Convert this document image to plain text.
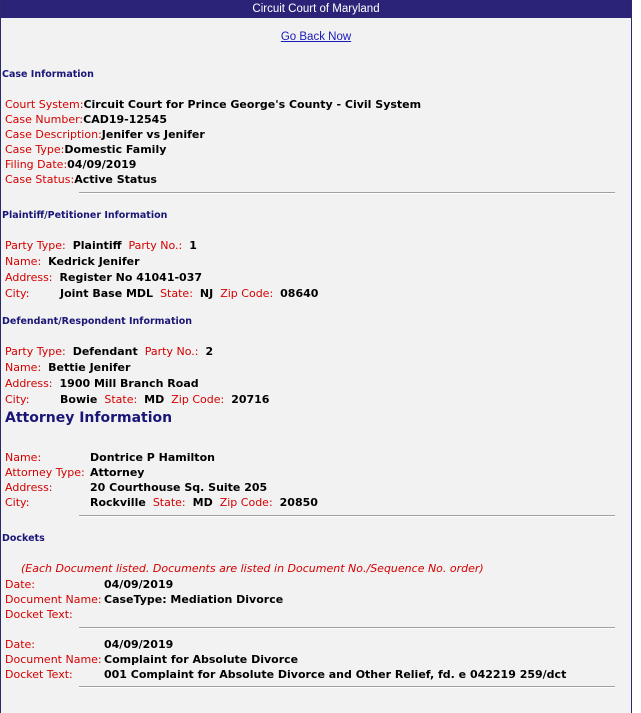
Circuit Court of Maryland
Go Back Now
Case Information
Court System:Circuit Court for Prince George's County - Civil System
Case Number:CAD19-12545
Case Description:Jenifer vs Jenifer
Case Type:Domestic Family
Filing Date:04/09/2019
Case Status:Active Status
Plaintiff/Petitioner Information
Party Type: Plaintiff Party No.: 1
Name: Kedrick Jenifer
Address: Register No 41041-037
City:	Joint Base MDL State: NJ Zip Code: 08640
Defendant/Respondent Information
Party Type: Defendant Party No.: 2
Name: Bettie Jenifer
Address: 1900 Mill Branch Road
City:	Bowie State: MD Zip Code: 20716
Attorney Information
Name:	Dontrice P Hamilton
Attorney Type: Attorney
Address:	20 Courthouse Sq. Suite 205
City:	Rockville State: MD Zip Code: 20850
Dockets
(Each Document listed. Documents are listed in Document No./Sequence No. order)
Date:	04/09/2019
Document Name: CaseType: Mediation Divorce
Docket Text:
Date:	04/09/2019
Document Name: Complaint for Absolute Divorce
Docket Text:	001 Complaint for Absolute Divorce and Other Relief, fd. e 042219 259/dct
